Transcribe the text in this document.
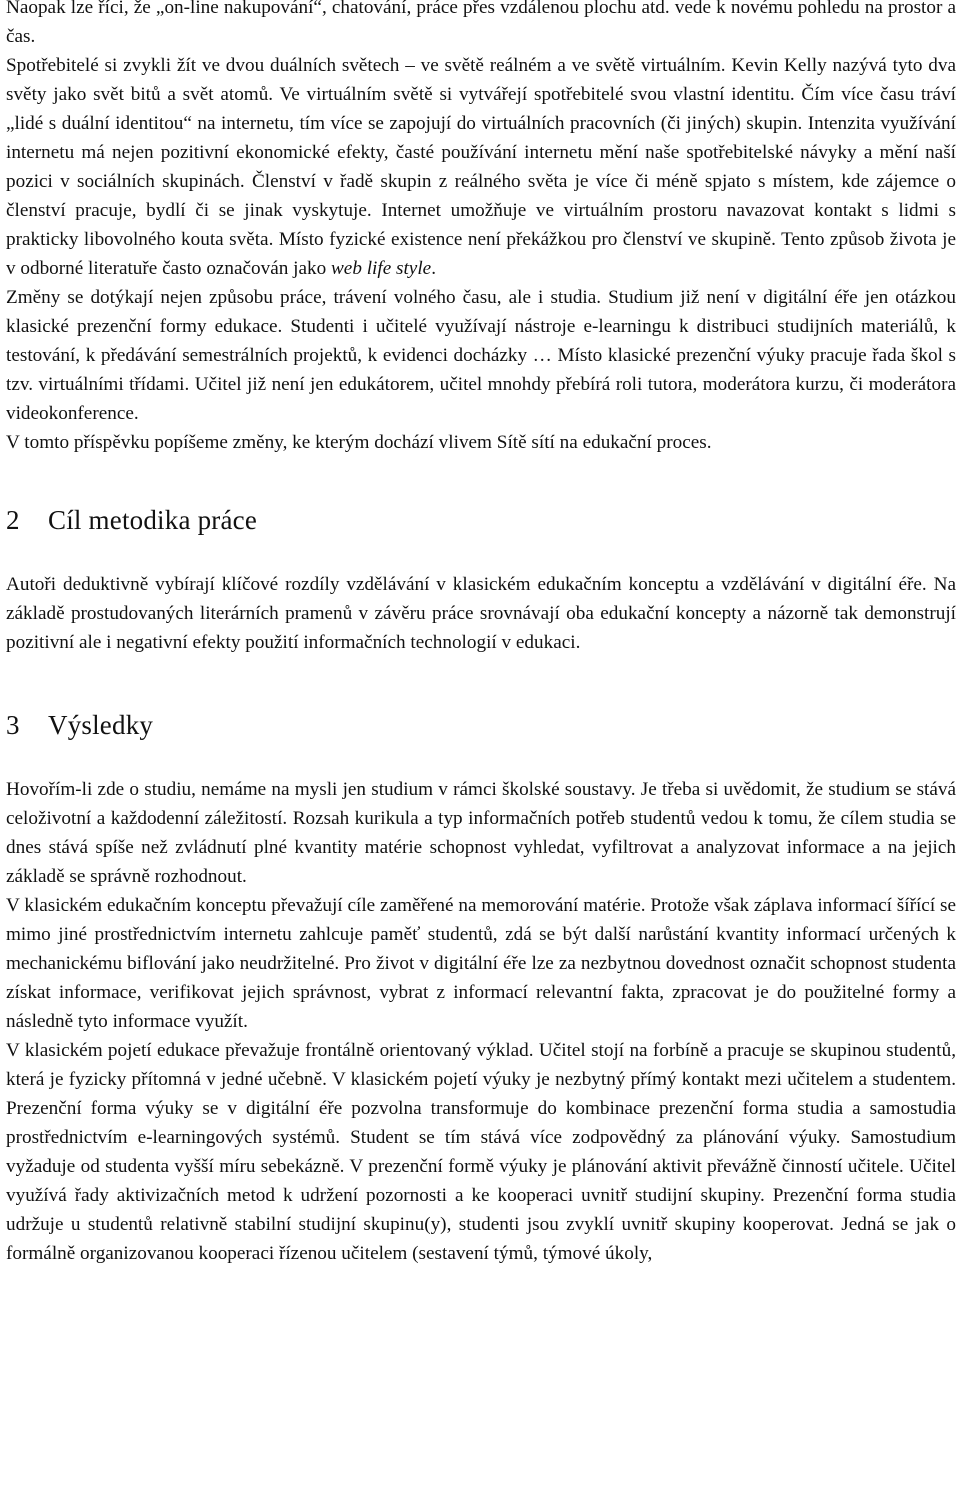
Naopak lze říci, že „on-line nakupování“, chatování, práce přes vzdálenou plochu atd. vede k novému pohledu na prostor a čas.

Spotřebitelé si zvykli žít ve dvou duálních světech – ve světě reálném a ve světě virtuálním. Kevin Kelly nazývá tyto dva světy jako svět bitů a svět atomů. Ve virtuálním světě si vytvářejí spotřebitelé svou vlastní identitu. Čím více času tráví „lidé s duální identitou“ na internetu, tím více se zapojují do virtuálních pracovních (či jiných) skupin. Intenzita využívání internetu má nejen pozitivní ekonomické efekty, časté používání internetu mění naše spotřebitelské návyky a mění naší pozici v sociálních skupinách. Členství v řadě skupin z reálného světa je více či méně spjato s místem, kde zájemce o členství pracuje, bydlí či se jinak vyskytuje. Internet umožňuje ve virtuálním prostoru navazovat kontakt s lidmi s prakticky libovolného kouta světa. Místo fyzické existence není překážkou pro členství ve skupině. Tento způsob života je v odborné literatuře často označován jako web life style.

Změny se dotýkají nejen způsobu práce, trávení volného času, ale i studia. Studium již není v digitální éře jen otázkou klasické prezenční formy edukace. Studenti i učitelé využívají nástroje e-learningu k distribuci studijních materiálů, k testování, k předávání semestrálních projektů, k evidenci docházky … Místo klasické prezenční výuky pracuje řada škol s tzv. virtuálními třídami. Učitel již není jen edukátorem, učitel mnohdy přebírá roli tutora, moderátora kurzu, či moderátora videokonference.

V tomto příspěvku popíšeme změny, ke kterým dochází vlivem Sítě sítí na edukační proces.

2 Cíl metodika práce

Autoři deduktivně vybírají klíčové rozdíly vzdělávání v klasickém edukačním konceptu a vzdělávání v digitální éře. Na základě prostudovaných literárních pramenů v závěru práce srovnávají oba edukační koncepty a názorně tak demonstrují pozitivní ale i negativní efekty použití informačních technologií v edukaci.

3 Výsledky

Hovořím-li zde o studiu, nemáme na mysli jen studium v rámci školské soustavy. Je třeba si uvědomit, že studium se stává celoživotní a každodenní záležitostí. Rozsah kurikula a typ informačních potřeb studentů vedou k tomu, že cílem studia se dnes stává spíše než zvládnutí plné kvantity matérie schopnost vyhledat, vyfiltrovat a analyzovat informace a na jejich základě se správně rozhodnout.

V klasickém edukačním konceptu převažují cíle zaměřené na memorování matérie. Protože však záplava informací šířící se mimo jiné prostřednictvím internetu zahlcuje paměť studentů, zdá se být další narůstání kvantity informací určených k mechanickému biflování jako neudržitelné. Pro život v digitální éře lze za nezbytnou dovednost označit schopnost studenta získat informace, verifikovat jejich správnost, vybrat z informací relevantní fakta, zpracovat je do použitelné formy a následně tyto informace využít.

V klasickém pojetí edukace převažuje frontálně orientovaný výklad. Učitel stojí na forbíně a pracuje se skupinou studentů, která je fyzicky přítomná v jedné učebně. V klasickém pojetí výuky je nezbytný přímý kontakt mezi učitelem a studentem. Prezenční forma výuky se v digitální éře pozvolna transformuje do kombinace prezenční forma studia a samostudia prostřednictvím e-learningových systémů. Student se tím stává více zodpovědný za plánování výuky. Samostudium vyžaduje od studenta vyšší míru sebekázně. V prezenční formě výuky je plánování aktivit převážně činností učitele. Učitel využívá řady aktivizačních metod k udržení pozornosti a ke kooperaci uvnitř studijní skupiny. Prezenční forma studia udržuje u studentů relativně stabilní studijní skupinu(y), studenti jsou zvyklí uvnitř skupiny kooperovat. Jedná se jak o formálně organizovanou kooperaci řízenou učitelem (sestavení týmů, týmové úkoly,
